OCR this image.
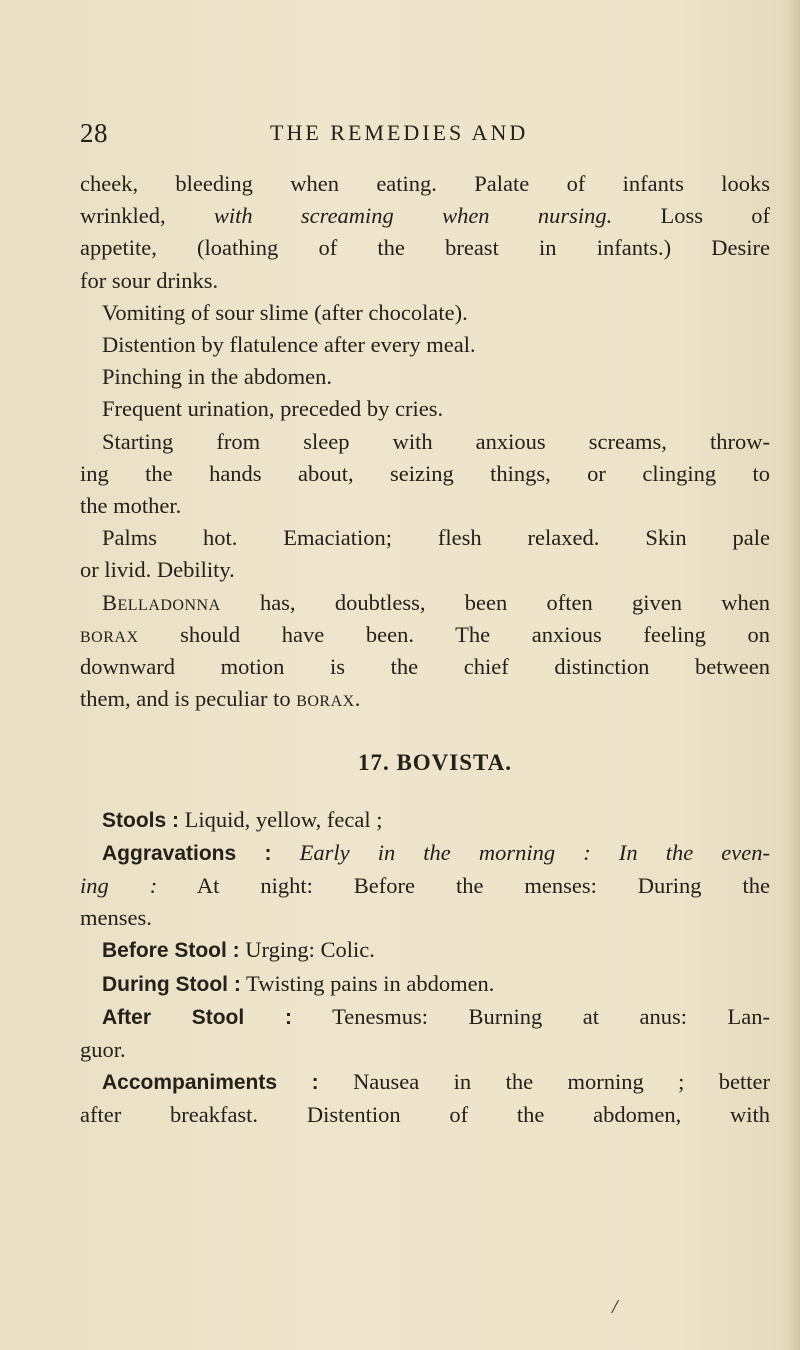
28	THE REMEDIES AND
cheek, bleeding when eating. Palate of infants looks
wrinkled, with screaming when nursing. Loss of
appetite, (loathing of the breast in infants.) Desire
for sour drinks.
Vomiting of sour slime (after chocolate).
Distention by flatulence after every meal.
Pinching in the abdomen.
Frequent urination, preceded by cries.
Starting from sleep with anxious screams, throw-
ing the hands about, seizing things, or clinging to
the mother.
Palms hot. Emaciation; flesh relaxed. Skin pale
or livid. Debility.
Belladonna has, doubtless, been often given when
borax should have been. The anxious feeling on
downward motion is the chief distinction between
them, and is peculiar to borax.
17. BOVISTA.
Stools : Liquid, yellow, fecal ;
Aggravations : Early in the morning : In the even-
ing : At night: Before the menses: During the
menses.
Before Stool : Urging: Colic.
During Stool : Twisting pains in abdomen.
After Stool : Tenesmus: Burning at anus: Lan-
guor.
Accompaniments : Nausea in the morning ; better
after breakfast. Distention of the abdomen, with
/
